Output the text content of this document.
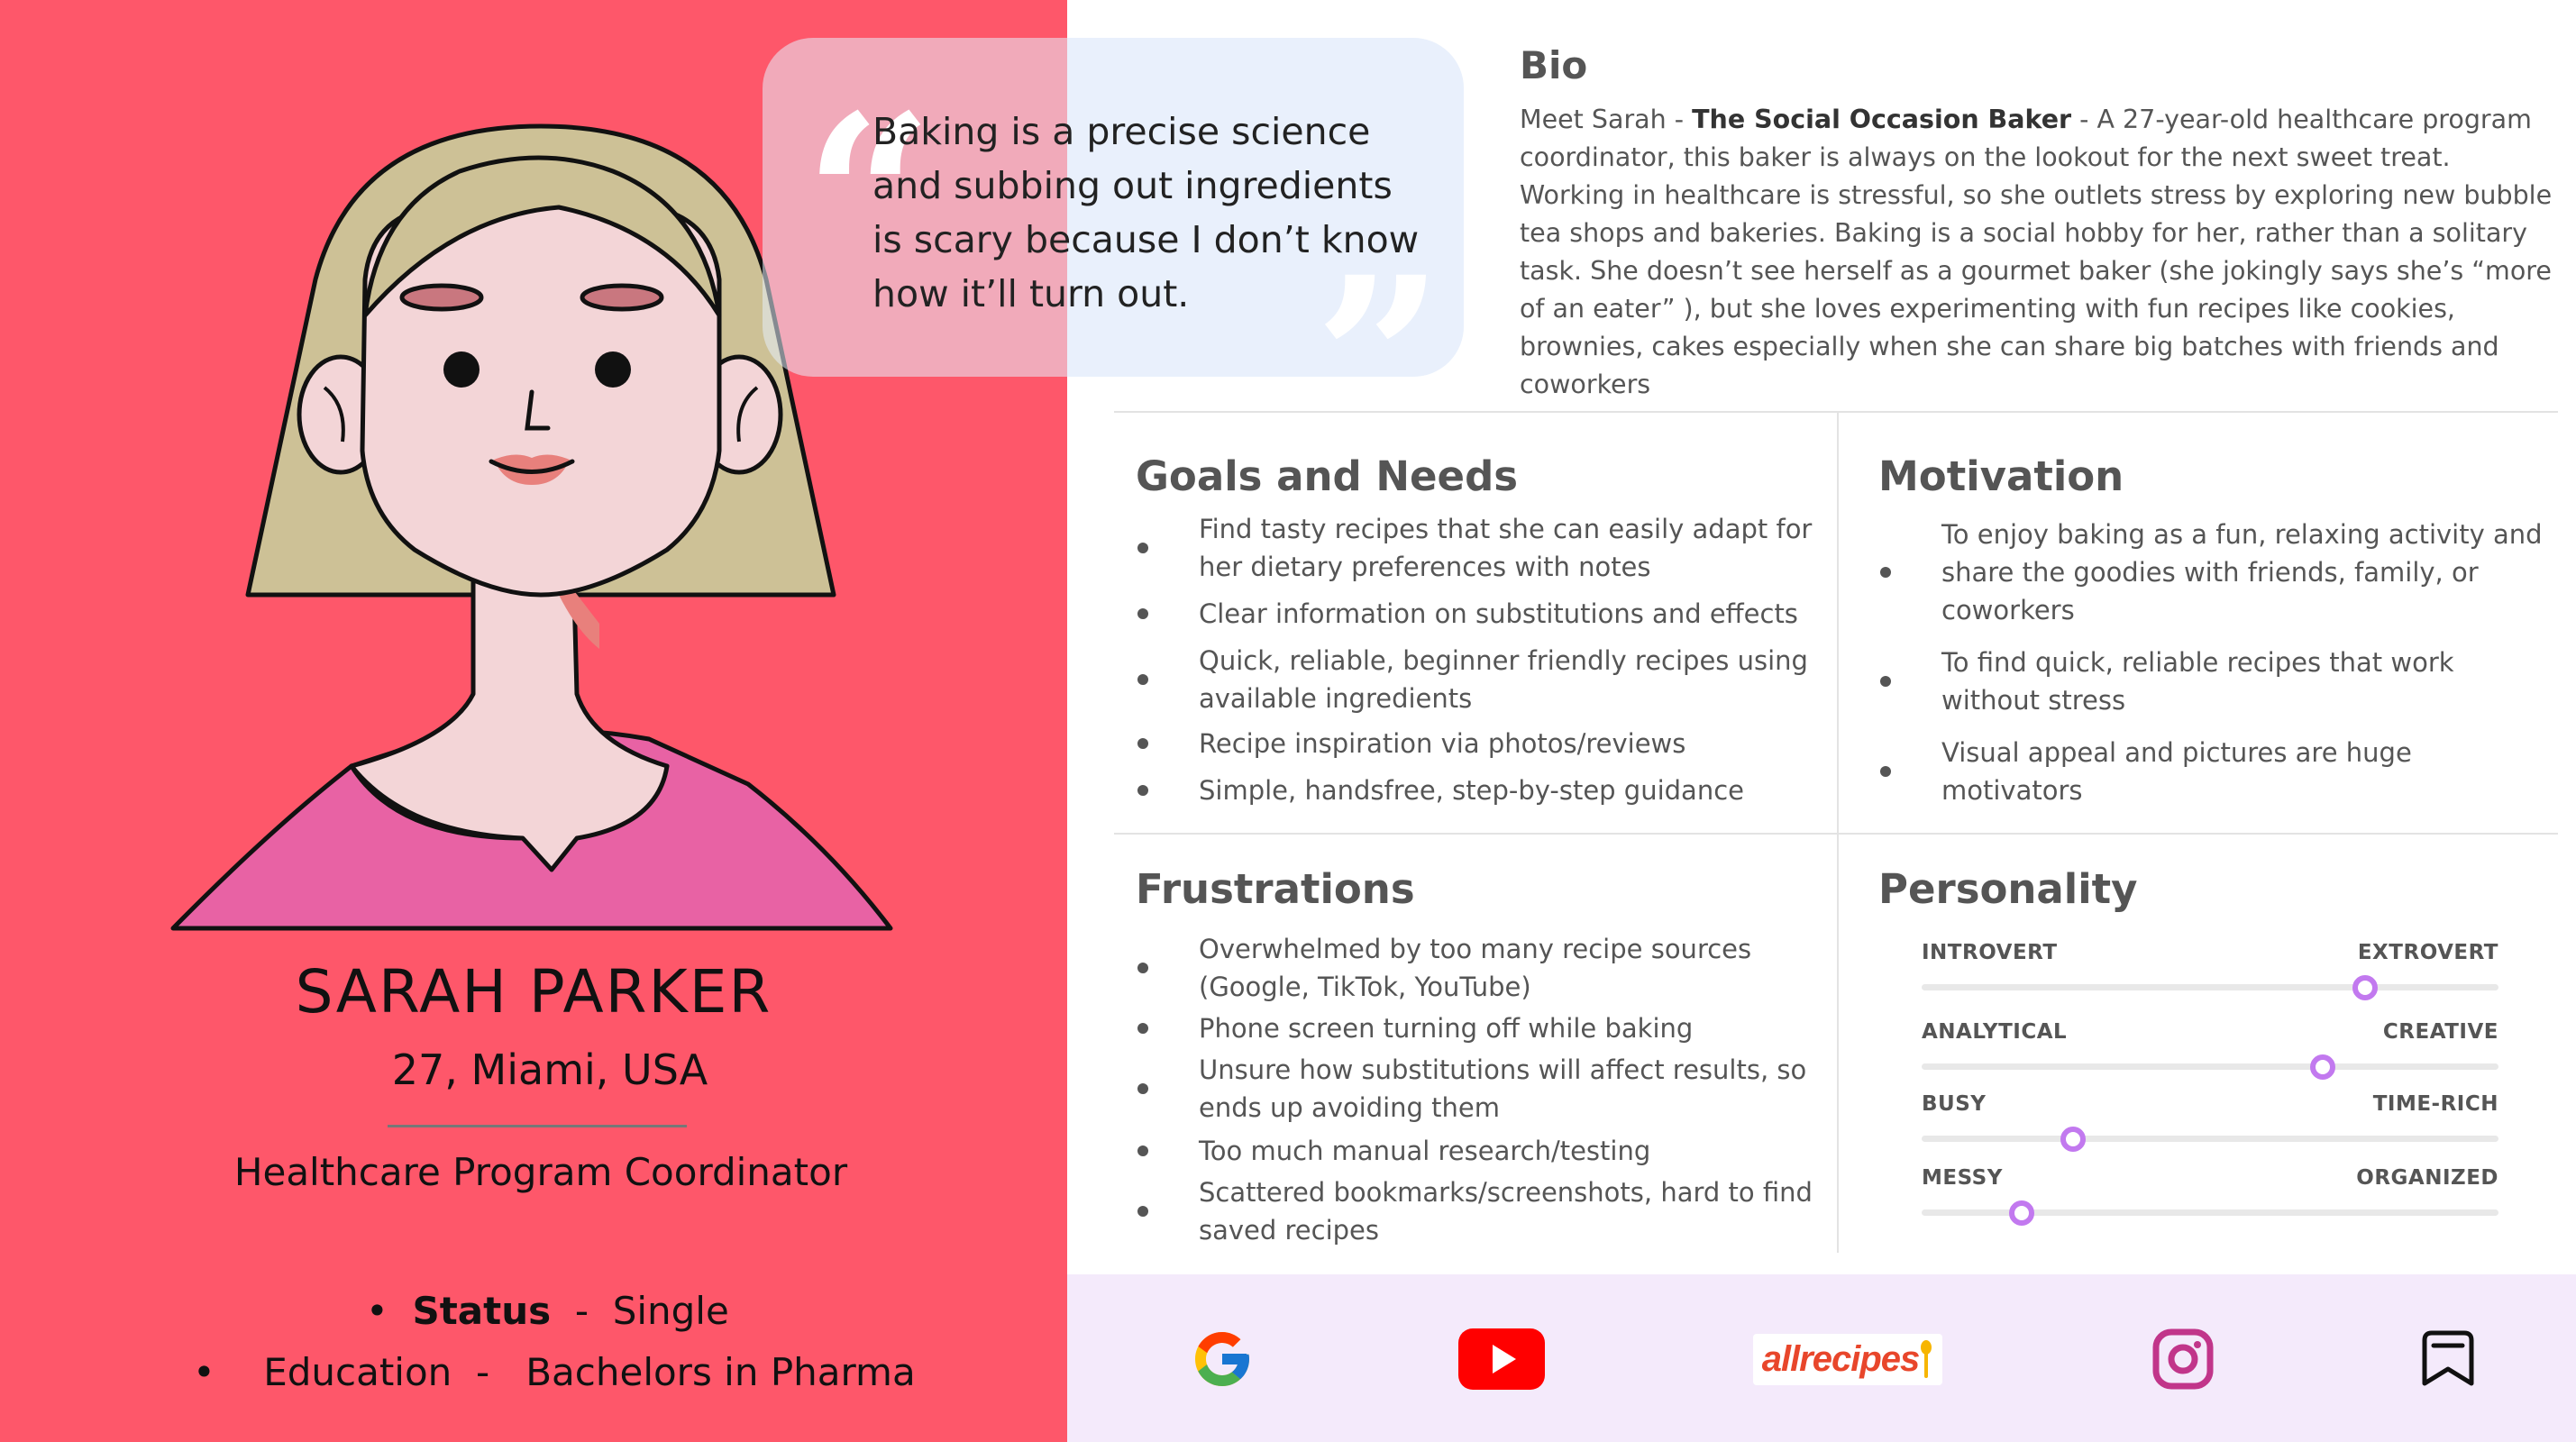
SARAH PARKER
27, Miami, USA
Healthcare Program Coordinator
•  Status - Single
•    Education - Bachelors in Pharma
“
”
Baking is a precise science and subbing out ingredients is scary because I don’t know how it’ll turn out.
Bio
Meet Sarah - The Social Occasion Baker - A 27-year-old healthcare program coordinator, this baker is always on the lookout for the next sweet treat. Working in healthcare is stressful, so she outlets stress by exploring new bubble tea shops and bakeries. Baking is a social hobby for her, rather than a solitary task. She doesn’t see herself as a gourmet baker (she jokingly says she’s “more of an eater” ), but she loves experimenting with fun recipes like cookies, brownies, cakes especially when she can share big batches with friends and coworkers
Goals and Needs
Find tasty recipes that she can easily adapt for her dietary preferences with notes
Clear information on substitutions and effects
Quick, reliable, beginner friendly recipes using available ingredients
Recipe inspiration via photos/reviews
Simple, handsfree, step-by-step guidance
Motivation
To enjoy baking as a fun, relaxing activity and share the goodies with friends, family, or coworkers
To find quick, reliable recipes that work without stress
Visual appeal and pictures are huge motivators
Frustrations
Overwhelmed by too many recipe sources (Google, TikTok, YouTube)
Phone screen turning off while baking
Unsure how substitutions will affect results, so ends up avoiding them
Too much manual research/testing
Scattered bookmarks/screenshots, hard to find saved recipes
Personality
INTROVERT	EXTROVERT
ANALYTICAL	CREATIVE
BUSY	TIME-RICH
MESSY	ORGANIZED
allrecipes
